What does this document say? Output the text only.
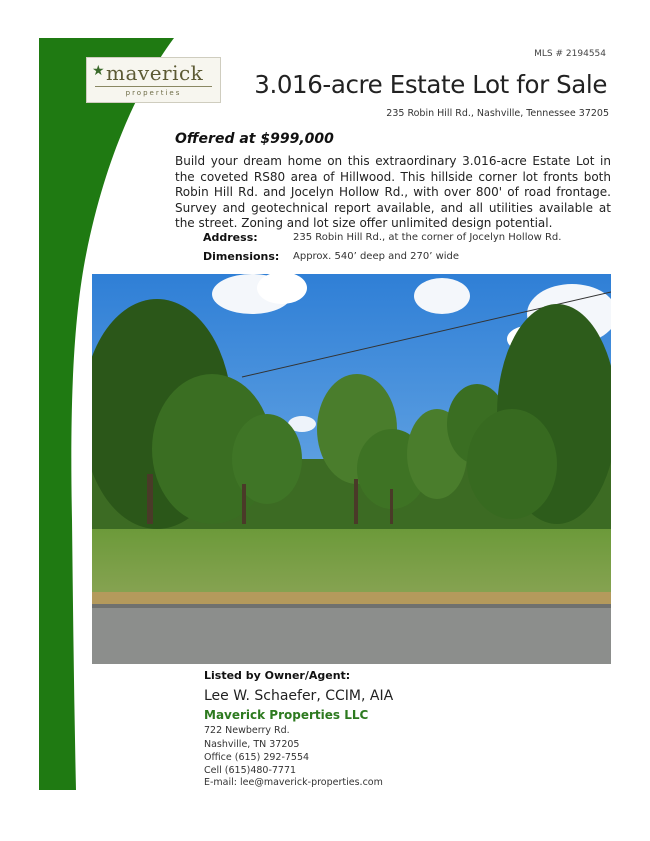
★ maverick
properties
MLS # 2194554
3.016-acre Estate Lot for Sale
235 Robin Hill Rd., Nashville, Tennessee 37205
Offered at $999,000
Build your dream home on this extraordinary 3.016-acre Estate Lot in the coveted RS80 area of Hillwood. This hillside corner lot fronts both Robin Hill Rd. and Jocelyn Hollow Rd., with over 800' of road frontage. Survey and geotechnical report available, and all utilities available at the street. Zoning and lot size offer unlimited design potential.
Address:	235 Robin Hill Rd., at the corner of Jocelyn Hollow Rd.
Dimensions: Approx. 540’ deep and 270’ wide
Listed by Owner/Agent:
Lee W. Schaefer, CCIM, AIA
Maverick Properties LLC
722 Newberry Rd.
Nashville, TN 37205
Office (615) 292-7554
Cell (615)480-7771
E-mail: lee@maverick-properties.com
